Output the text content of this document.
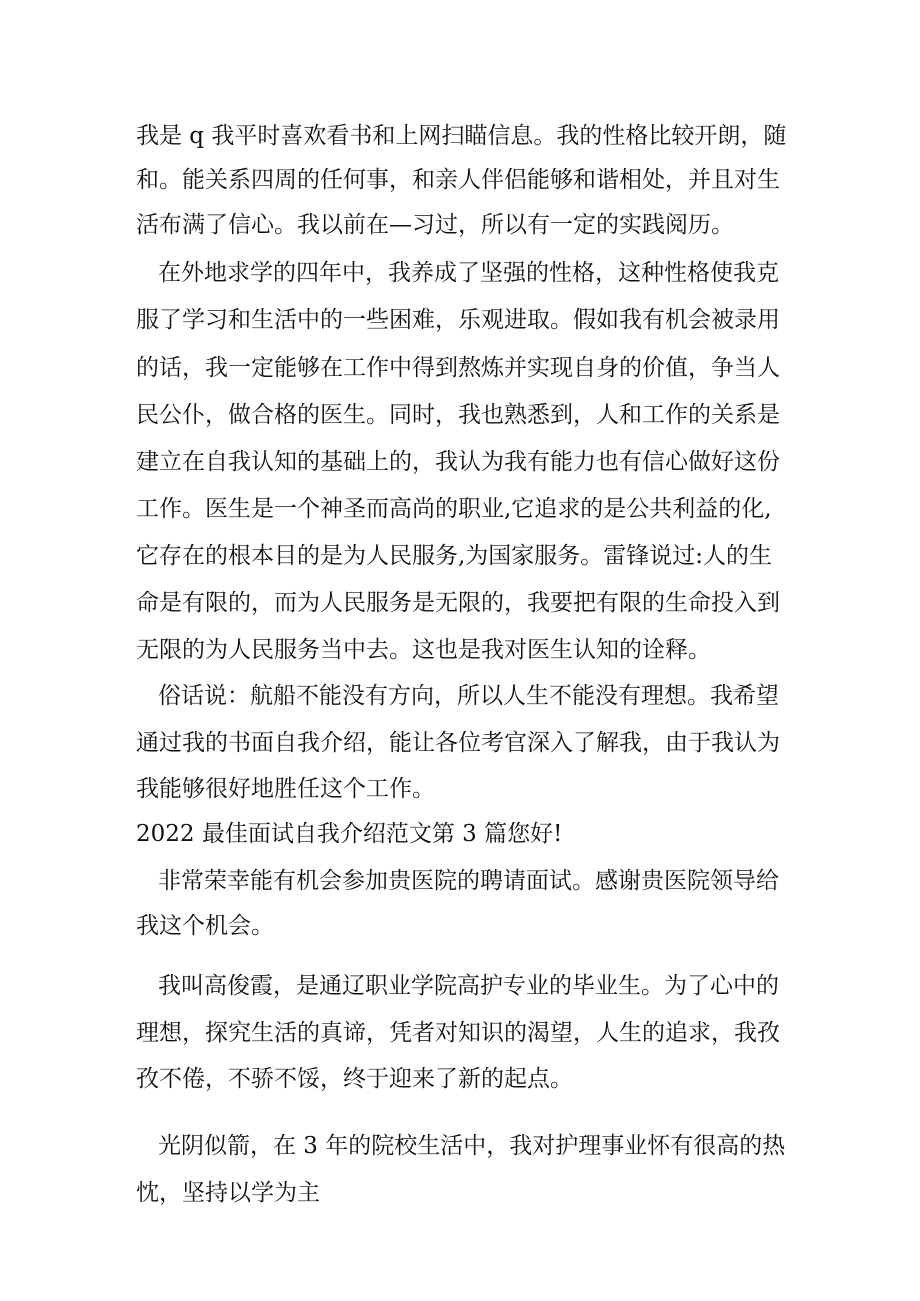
我是 q 我平时喜欢看书和上网扫瞄信息。我的性格比较开朗，随
和。能关系四周的任何事，和亲人伴侣能够和谐相处，并且对生
活布满了信心。我以前在—习过，所以有一定的实践阅历。
在外地求学的四年中，我养成了坚强的性格，这种性格使我克
服了学习和生活中的一些困难，乐观进取。假如我有机会被录用
的话，我一定能够在工作中得到熬炼并实现自身的价值，争当人
民公仆，做合格的医生。同时，我也熟悉到，人和工作的关系是
建立在自我认知的基础上的，我认为我有能力也有信心做好这份
工作。医生是一个神圣而高尚的职业,它追求的是公共利益的化,
它存在的根本目的是为人民服务,为国家服务。雷锋说过:人的生
命是有限的，而为人民服务是无限的，我要把有限的生命投入到
无限的为人民服务当中去。这也是我对医生认知的诠释。
俗话说：航船不能没有方向，所以人生不能没有理想。我希望
通过我的书面自我介绍，能让各位考官深入了解我，由于我认为
我能够很好地胜任这个工作。
2022 最佳面试自我介绍范文第 3 篇您好!
非常荣幸能有机会参加贵医院的聘请面试。感谢贵医院领导给
我这个机会。
我叫高俊霞，是通辽职业学院高护专业的毕业生。为了心中的
理想，探究生活的真谛，凭者对知识的渴望，人生的追求，我孜
孜不倦，不骄不馁，终于迎来了新的起点。
光阴似箭，在 3 年的院校生活中，我对护理事业怀有很高的热
忱，坚持以学为主
